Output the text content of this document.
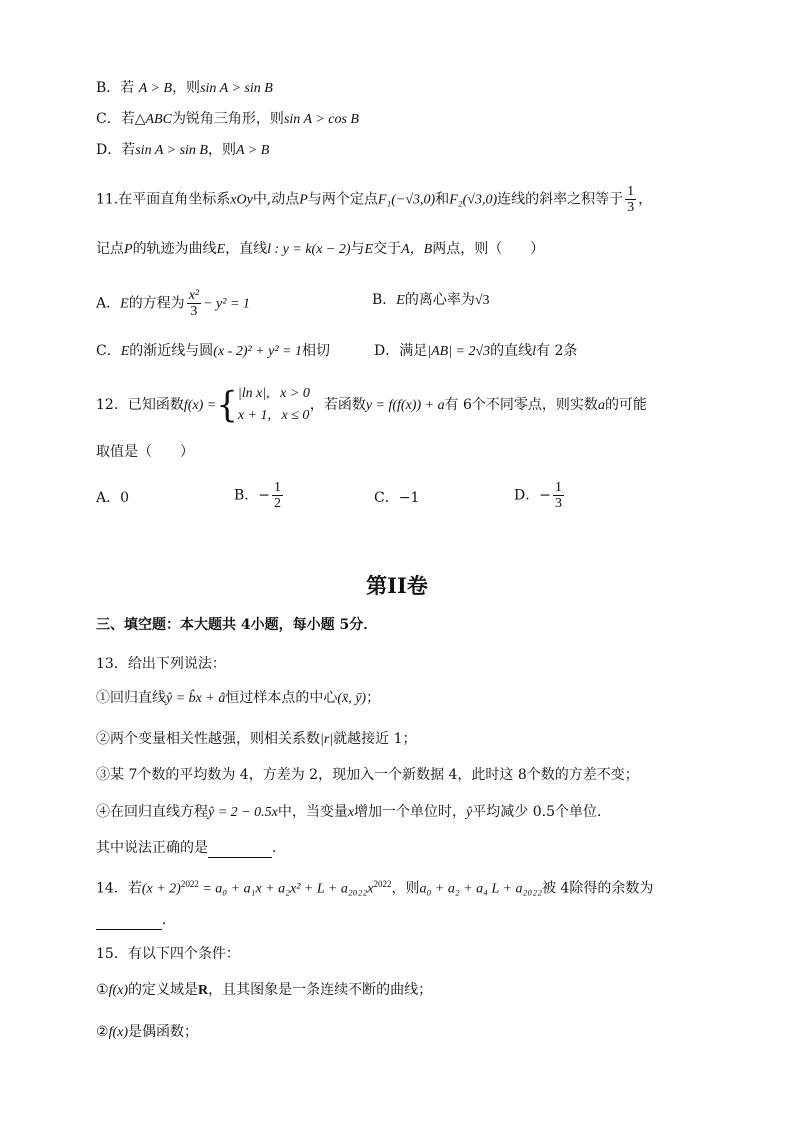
B．若 A > B，则sin A > sin B
C．若△ABC为锐角三角形，则sin A > cos B
D．若sin A > sin B，则A > B
11.在平面直角坐标系xOy中,动点P与两个定点F₁(−√3,0)和F₂(√3,0)连线的斜率之积等于 $\frac{1}{3}$ ，
记点P的轨迹为曲线E，直线l : y = k(x − 2)与E交于A，B两点，则（　　）
A．E的方程为 $\frac{\text{x²}}{3} - y^2 = 1$	B．E的离心率为√3
C．E的渐近线与圆(x - 2)² + y² = 1相切	D．满足|AB| = 2√3的直线l有 2条
12．已知函数f(x) ={ |ln x|, x > 0
x + 1, x ≤ 0
，若函数y = f(f(x)) + a有 6个不同零点，则实数a的可能
取值是（　　）
A．0	B．− $\frac{1}{2}$	C．−1	D．− $\frac{1}{3}$
第II卷
三、填空题：本大题共 4小题，每小题 5分．
13．给出下列说法：
①回归直线ŷ = b̂x + â恒过样本点的中心(x̄, ȳ)；
②两个变量相关性越强，则相关系数|r|就越接近 1；
③某 7个数的平均数为 4，方差为 2，现加入一个新数据 4，此时这 8个数的方差不变；
④在回归直线方程ŷ = 2 − 0.5x中，当变量x增加一个单位时，ŷ平均减少 0.5个单位．
其中说法正确的是	．
14．若$(x + 2)^{2022} = a_0 + a_1x + a_2x^2 + L + a_{2022}x^{2022}$，则a₀ + a₂ + a₄ L + a₂₀₂₂被 4除得的余数为
．
15．有以下四个条件：
①f(x)的定义域是R，且其图象是一条连续不断的曲线；
②f(x)是偶函数；
